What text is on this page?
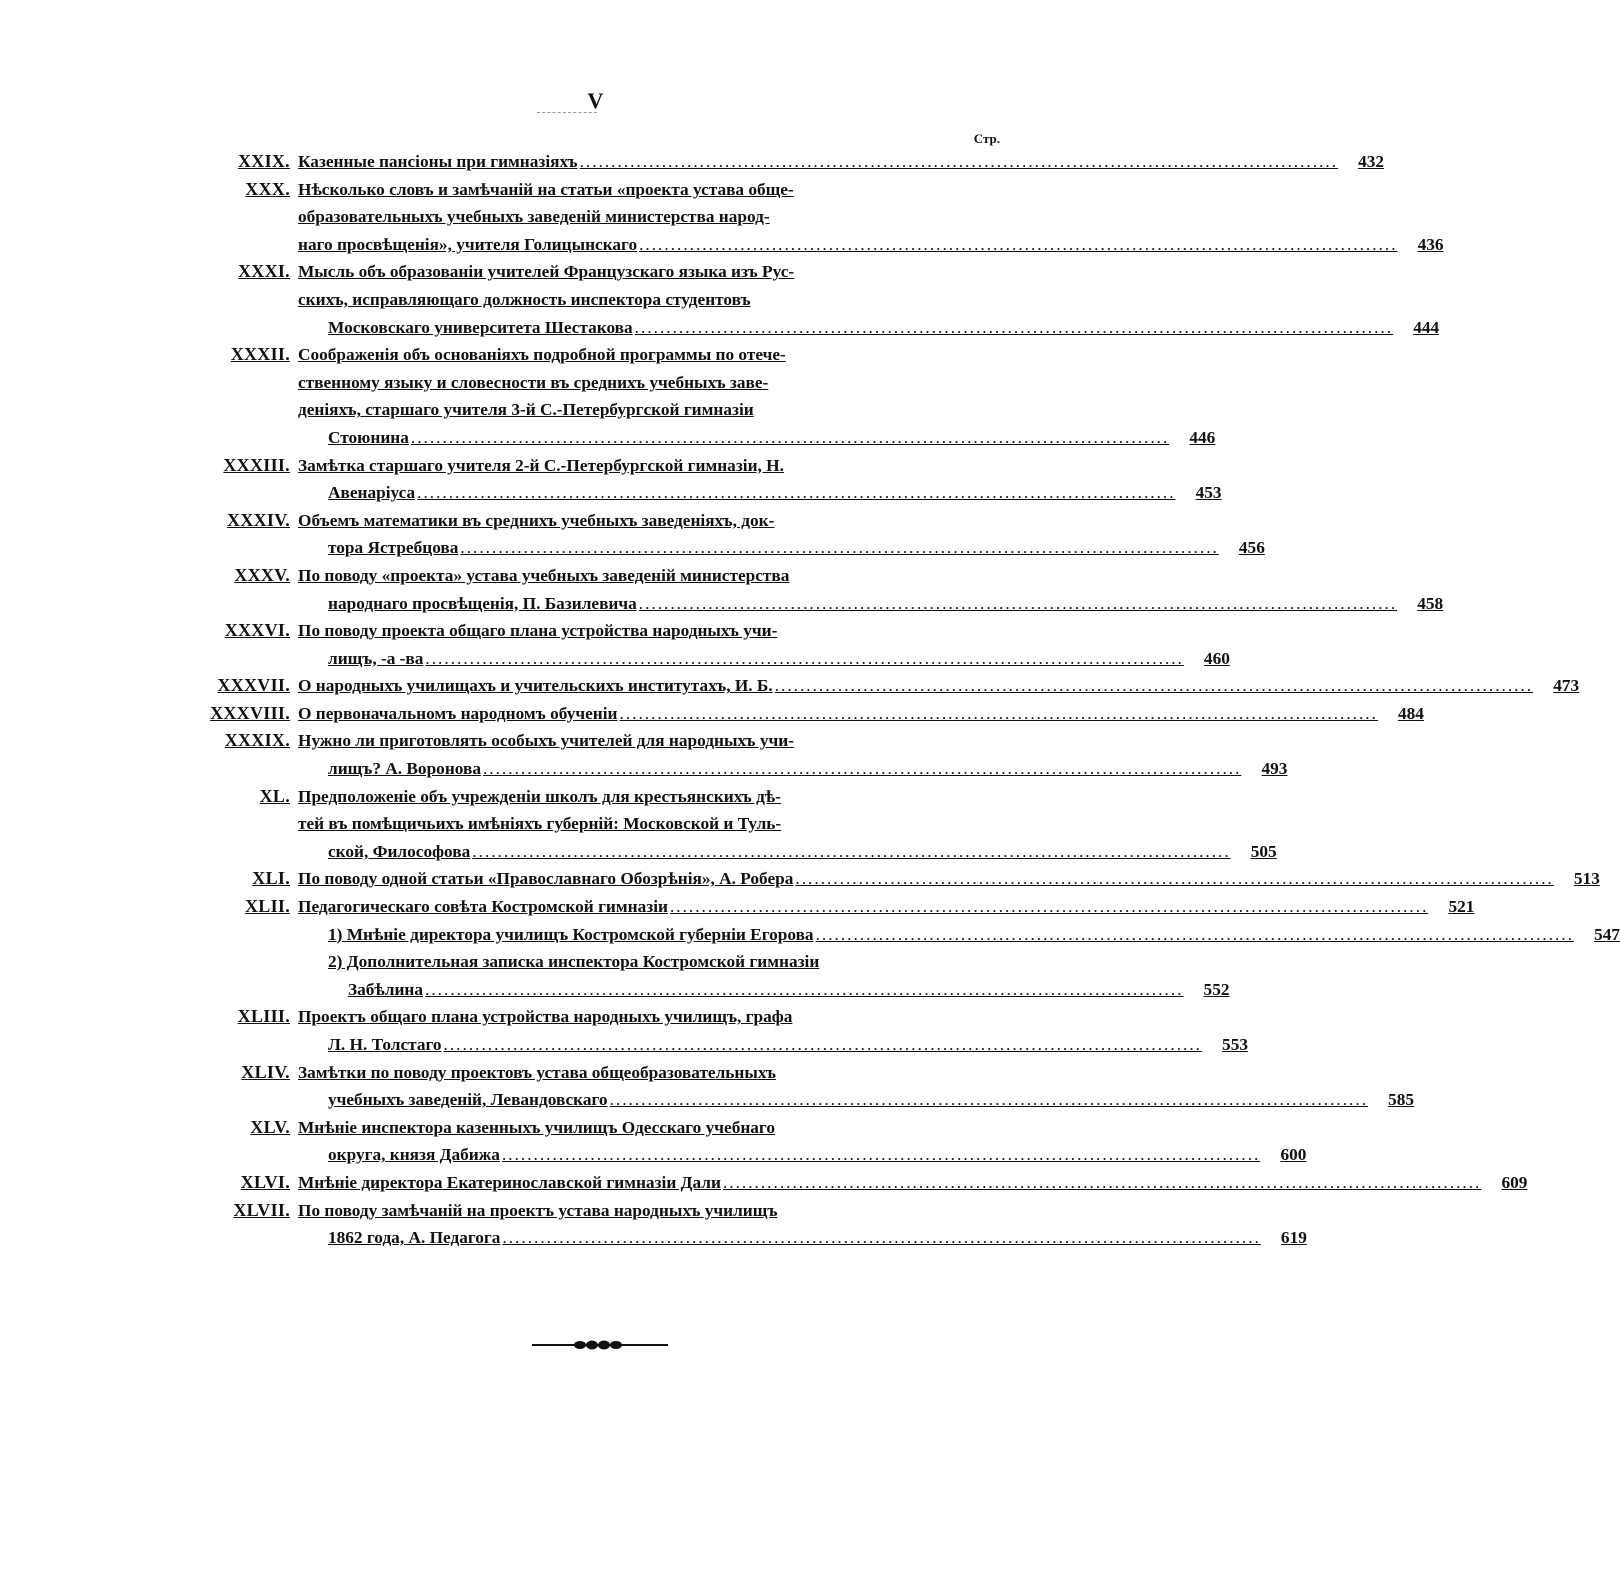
V
Стр.
XXIX. Казенные пансіоны при гимназіяхъ ........................................................................................................................	432
XXX. Нѣсколько словъ и замѣчаній на статьи «проекта устава обще-
образовательныхъ учебныхъ заведеній министерства народ-
наго просвѣщенія», учителя Голицынскаго ........................................................................................................................	436
XXXI. Мысль объ образованіи учителей Французскаго языка изъ Рус-
скихъ, исправляющаго должность инспектора студентовъ
Московскаго университета Шестакова ........................................................................................................................	444
XXXII. Соображенія объ основаніяхъ подробной программы по отече-
ственному языку и словесности въ среднихъ учебныхъ заве-
деніяхъ, старшаго учителя 3-й С.-Петербургской гимназіи
Стоюнина ........................................................................................................................	446
XXXIII. Замѣтка старшаго учителя 2-й С.-Петербургской гимназіи, Н.
Авенаріуса ........................................................................................................................	453
XXXIV. Объемъ математики въ среднихъ учебныхъ заведеніяхъ, док-
тора Ястребцова ........................................................................................................................	456
XXXV. По поводу «проекта» устава учебныхъ заведеній министерства
народнаго просвѣщенія, П. Базилевича ........................................................................................................................	458
XXXVI. По поводу проекта общаго плана устройства народныхъ учи-
лищъ, -а -ва ........................................................................................................................	460
XXXVII. О народныхъ училищахъ и учительскихъ институтахъ, И. Б. ........................................................................................................................	473
XXXVIII. О первоначальномъ народномъ обученіи ........................................................................................................................	484
XXXIX. Нужно ли приготовлять особыхъ учителей для народныхъ учи-
лищъ? А. Воронова ........................................................................................................................	493
XL. Предположеніе объ учрежденіи школъ для крестьянскихъ дѣ-
тей въ помѣщичьихъ имѣніяхъ губерній: Московской и Туль-
ской, Философова ........................................................................................................................	505
XLI. По поводу одной статьи «Православнаго Обозрѣнія», А. Робера ........................................................................................................................	513
XLII. Педагогическаго совѣта Костромской гимназіи ........................................................................................................................	521
1) Мнѣніе директора училищъ Костромской губерніи Егорова ........................................................................................................................	547
2) Дополнительная записка инспектора Костромской гимназіи
Забѣлина ........................................................................................................................	552
XLIII. Проектъ общаго плана устройства народныхъ училищъ, графа
Л. Н. Толстаго ........................................................................................................................	553
XLIV. Замѣтки по поводу проектовъ устава общеобразовательныхъ
учебныхъ заведеній, Левандовскаго ........................................................................................................................	585
XLV. Мнѣніе инспектора казенныхъ училищъ Одесскаго учебнаго
округа, князя Дабижа ........................................................................................................................	600
XLVI. Мнѣніе директора Екатеринославской гимназіи Дали ........................................................................................................................	609
XLVII. По поводу замѣчаній на проектъ устава народныхъ училищъ
1862 года, А. Педагога ........................................................................................................................	619
